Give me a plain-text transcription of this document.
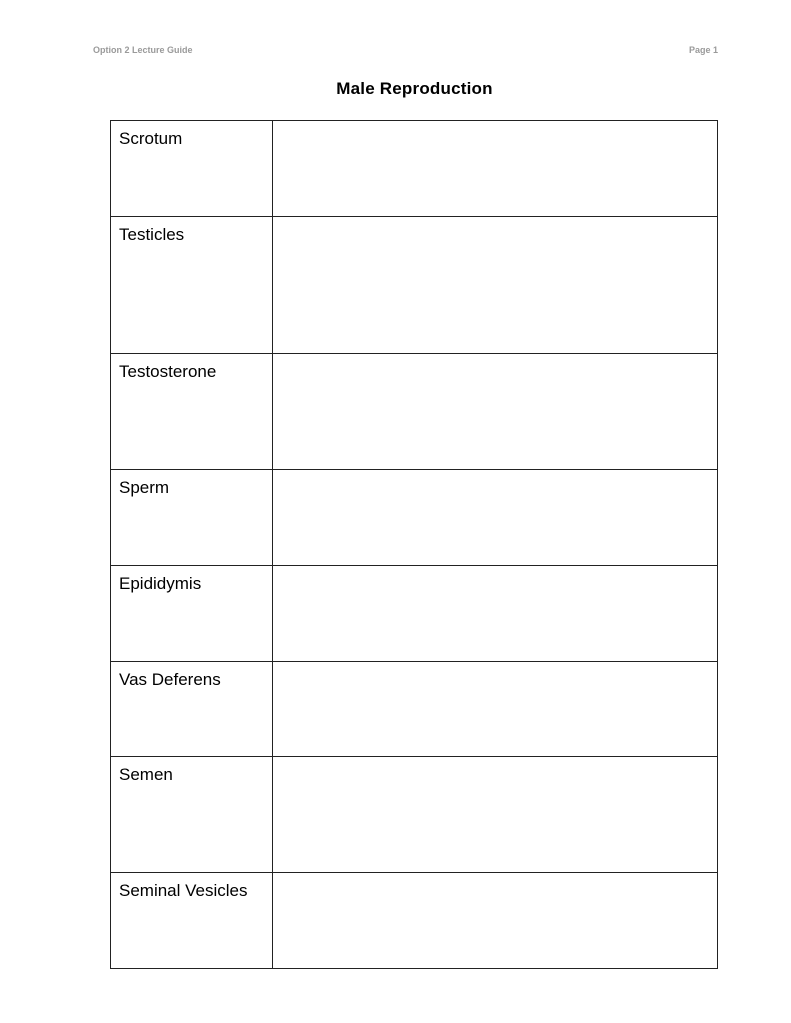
Option 2 Lecture Guide	Page 1
Male Reproduction
Scrotum	
Testicles	
Testosterone	
Sperm	
Epididymis	
Vas Deferens	
Semen	
Seminal Vesicles	
